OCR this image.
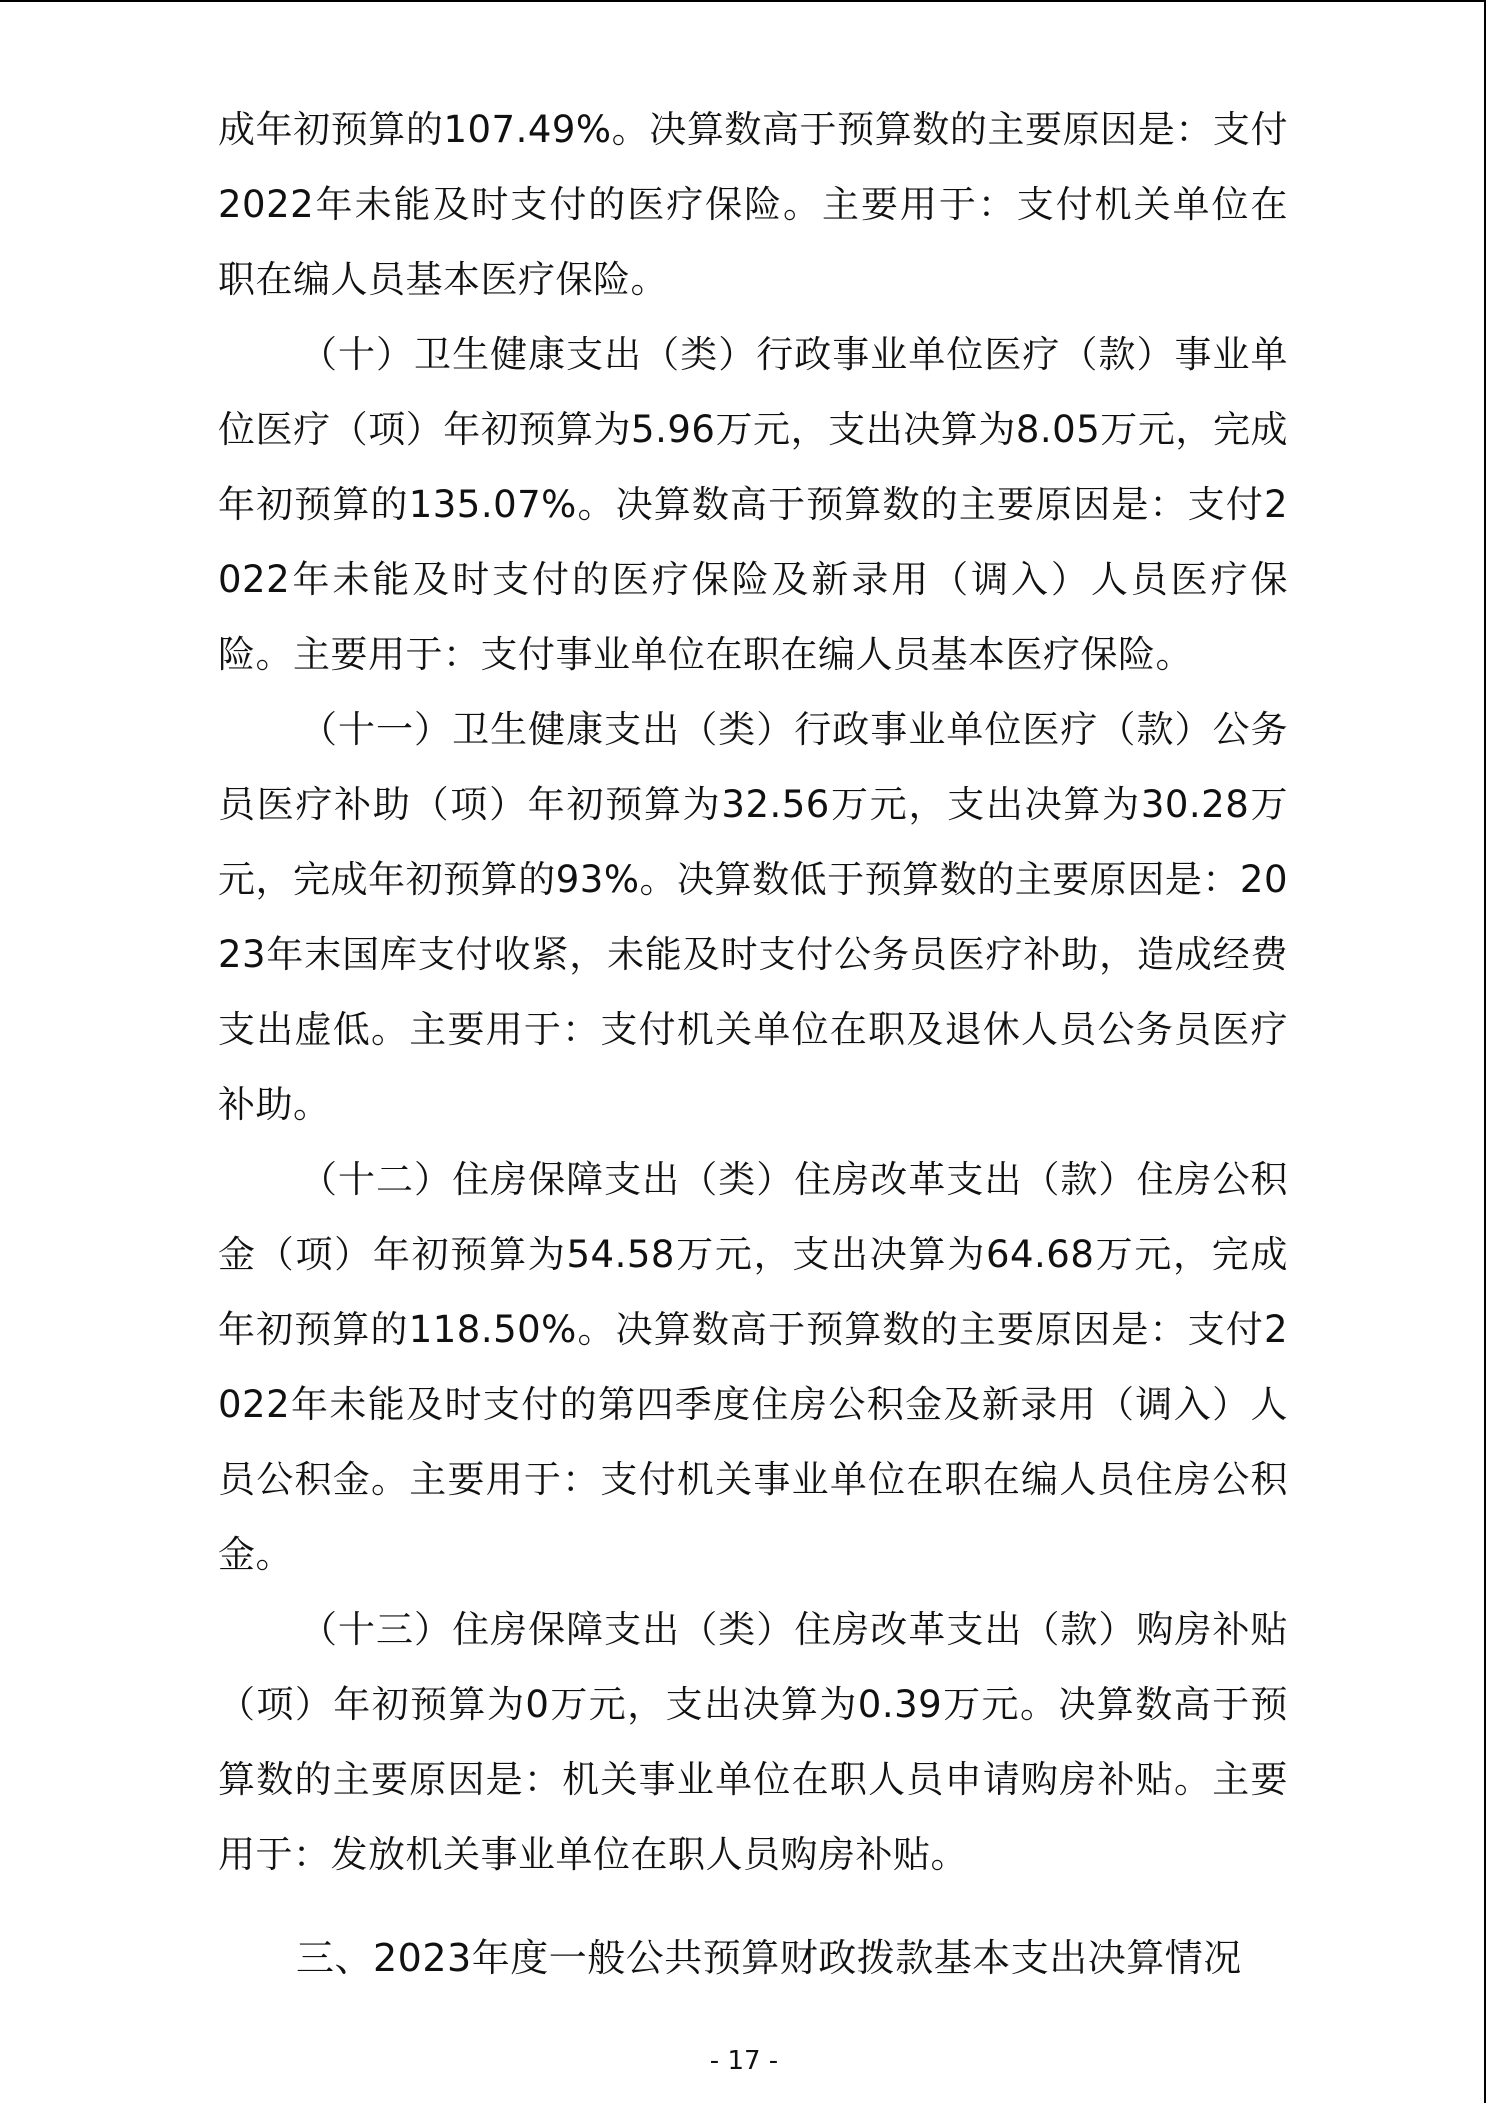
成年初预算的107.49%。决算数高于预算数的主要原因是：支付2022年未能及时支付的医疗保险。主要用于：支付机关单位在职在编人员基本医疗保险。

（十）卫生健康支出（类）行政事业单位医疗（款）事业单位医疗（项）年初预算为5.96万元，支出决算为8.05万元，完成年初预算的135.07%。决算数高于预算数的主要原因是：支付2022年未能及时支付的医疗保险及新录用（调入）人员医疗保险。主要用于：支付事业单位在职在编人员基本医疗保险。

（十一）卫生健康支出（类）行政事业单位医疗（款）公务员医疗补助（项）年初预算为32.56万元，支出决算为30.28万元，完成年初预算的93%。决算数低于预算数的主要原因是：2023年末国库支付收紧，未能及时支付公务员医疗补助，造成经费支出虚低。主要用于：支付机关单位在职及退休人员公务员医疗补助。

（十二）住房保障支出（类）住房改革支出（款）住房公积金（项）年初预算为54.58万元，支出决算为64.68万元，完成年初预算的118.50%。决算数高于预算数的主要原因是：支付2022年未能及时支付的第四季度住房公积金及新录用（调入）人员公积金。主要用于：支付机关事业单位在职在编人员住房公积金。

（十三）住房保障支出（类）住房改革支出（款）购房补贴（项）年初预算为0万元，支出决算为0.39万元。决算数高于预算数的主要原因是：机关事业单位在职人员申请购房补贴。主要用于：发放机关事业单位在职人员购房补贴。

三、2023年度一般公共预算财政拨款基本支出决算情况
- 17 -
